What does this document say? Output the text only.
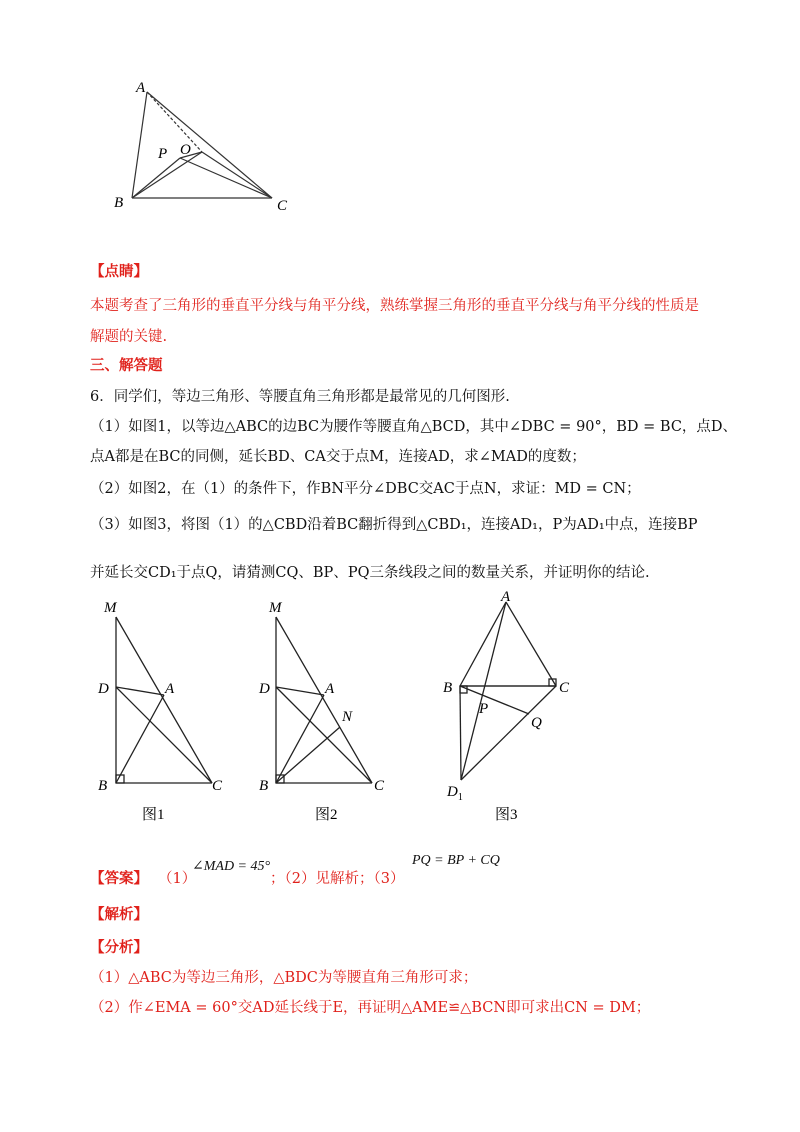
A
P O
B	C
【点睛】
本题考查了三角形的垂直平分线与角平分线，熟练掌握三角形的垂直平分线与角平分线的性质是
解题的关键.
三、解答题
6．同学们，等边三角形、等腰直角三角形都是最常见的几何图形.
（1）如图1，以等边△ABC的边BC为腰作等腰直角△BCD，其中∠DBC = 90°，BD = BC，点D、
点A都是在BC的同侧，延长BD、CA交于点M，连接AD，求∠MAD的度数；
（2）如图2，在（1）的条件下，作BN平分∠DBC交AC于点N，求证：MD = CN；
（3）如图3，将图（1）的△CBD沿着BC翻折得到△CBD₁，连接AD₁，P为AD₁中点，连接BP
并延长交CD₁于点Q，请猜测CQ、BP、PQ三条线段之间的数量关系，并证明你的结论.
M
D	A
B	C
图1
M
D	A
N
B	C
图2
A
B	C
P
Q
$D_1$
图3
【答案】 （1）
∠MAD = 45°
；（2）见解析；（3）
PQ = BP + CQ
【解析】
【分析】
（1）△ABC为等边三角形，△BDC为等腰直角三角形可求；
（2）作∠EMA = 60°交AD延长线于E，再证明△AME≌△BCN即可求出CN = DM；
